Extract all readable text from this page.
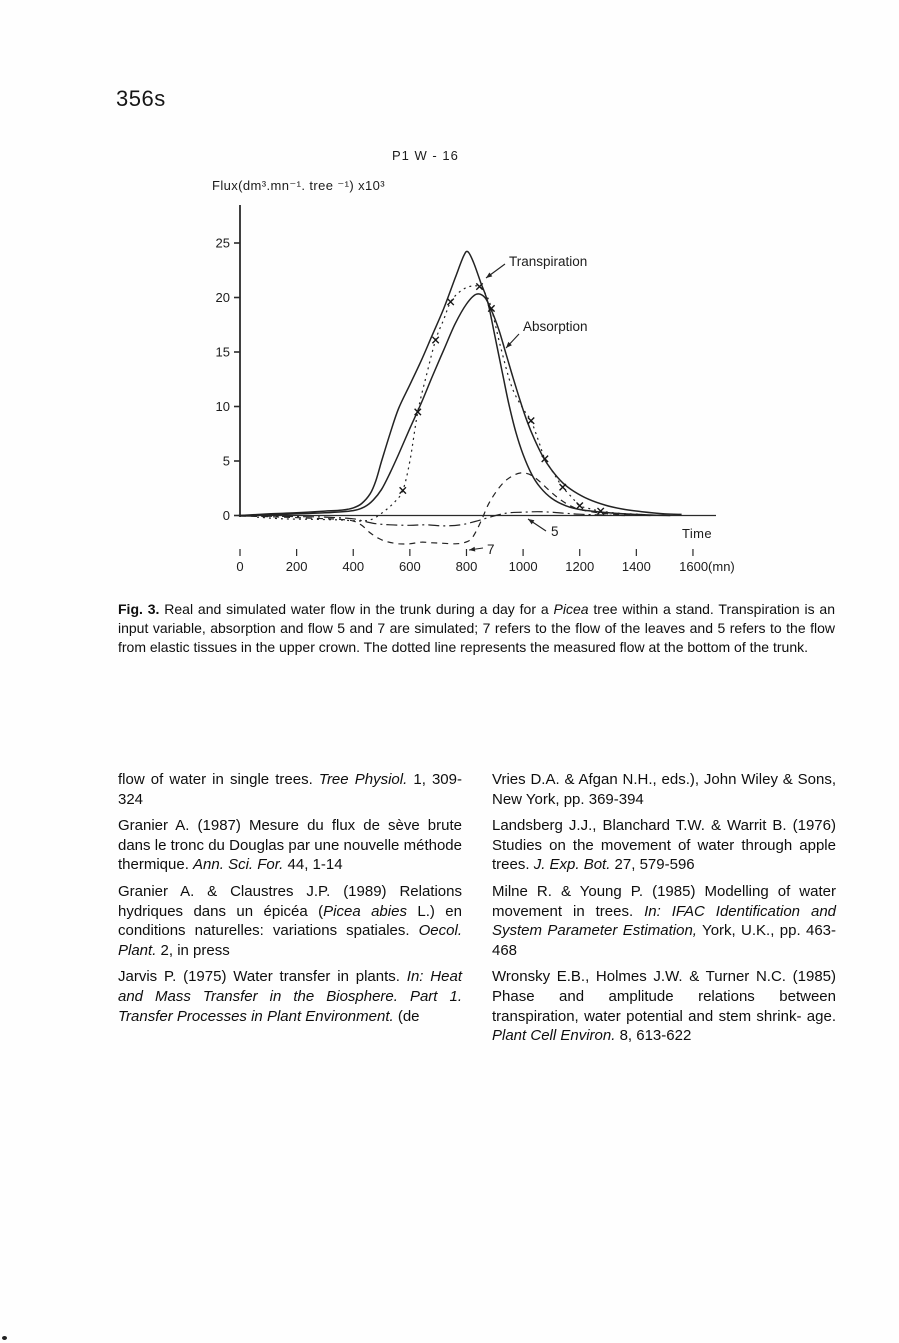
356s
P1 W - 16
Flux(dm³.mn⁻¹. tree ⁻¹) x10³
Time
0
5
10
15
20
25
0	200	400	600	800 1000 1200 1400 1600(mn)
Transpiration
Absorption
5
7
Fig. 3. Real and simulated water flow in the trunk during a day for a Picea tree within a stand. Transpiration is an input variable, absorption and flow 5 and 7 are simulated; 7 refers to the flow of the leaves and 5 refers to the flow from elastic tissues in the upper crown. The dotted line represents the measured flow at the bottom of the trunk.

flow of water in single trees. Tree Physiol. 1, 309-324

Granier A. (1987) Mesure du flux de sève brute dans le tronc du Douglas par une nouvelle méthode thermique. Ann. Sci. For. 44, 1-14

Granier A. & Claustres J.P. (1989) Relations hydriques dans un épicéa (Picea abies L.) en conditions naturelles: variations spatiales. Oecol. Plant. 2, in press

Jarvis P. (1975) Water transfer in plants. In: Heat and Mass Transfer in the Biosphere. Part 1. Transfer Processes in Plant Environment. (de

Vries D.A. & Afgan N.H., eds.), John Wiley & Sons, New York, pp. 369-394

Landsberg J.J., Blanchard T.W. & Warrit B. (1976) Studies on the movement of water through apple trees. J. Exp. Bot. 27, 579-596

Milne R. & Young P. (1985) Modelling of water movement in trees. In: IFAC Identification and System Parameter Estimation, York, U.K., pp. 463-468

Wronsky E.B., Holmes J.W. & Turner N.C. (1985) Phase and amplitude relations between transpiration, water potential and stem shrink- age. Plant Cell Environ. 8, 613-622
